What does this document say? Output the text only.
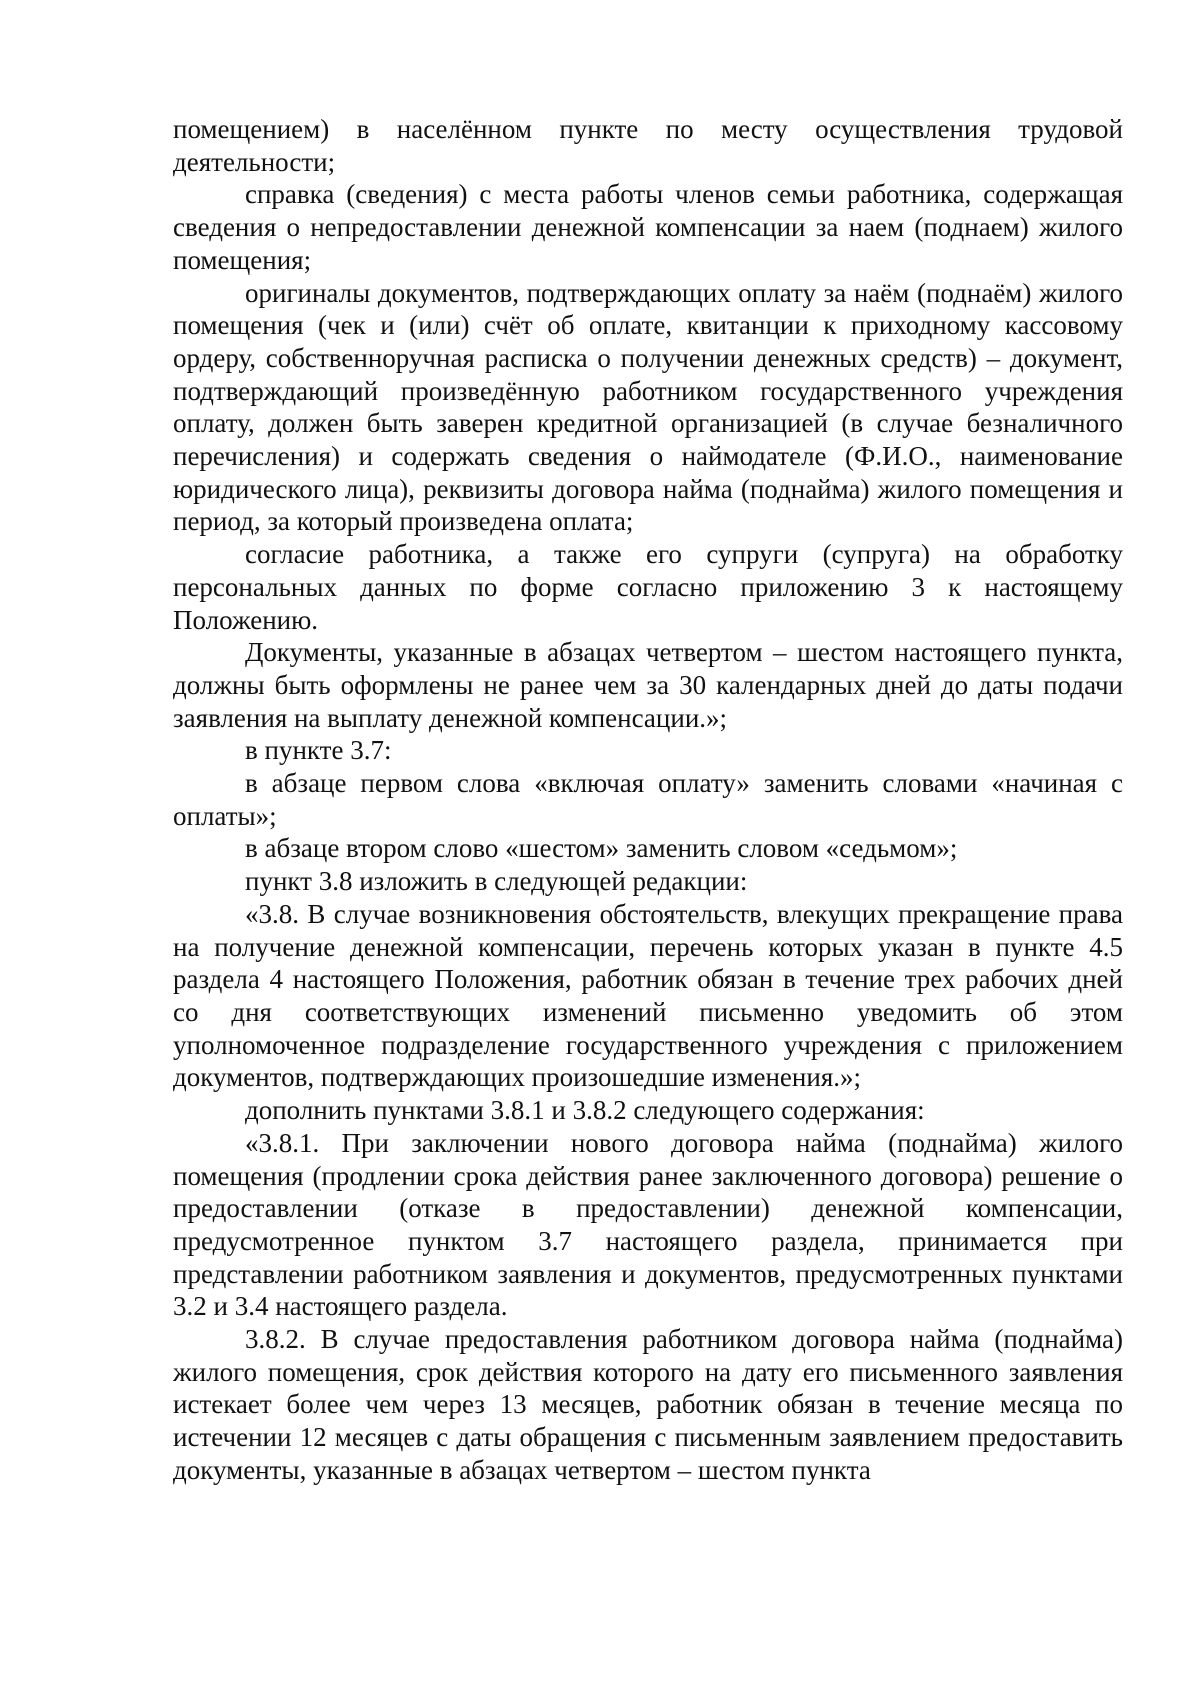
помещением) в населённом пункте по месту осуществления трудовой деятельности;

справка (сведения) с места работы членов семьи работника, содержащая сведения о непредоставлении денежной компенсации за наем (поднаем) жилого помещения;

оригиналы документов, подтверждающих оплату за наём (поднаём) жилого помещения (чек и (или) счёт об оплате, квитанции к приходному кассовому ордеру, собственноручная расписка о получении денежных средств) – документ, подтверждающий произведённую работником государственного учреждения оплату, должен быть заверен кредитной организацией (в случае безналичного перечисления) и содержать сведения о наймодателе (Ф.И.О., наименование юридического лица), реквизиты договора найма (поднайма) жилого помещения и период, за который произведена оплата;

согласие работника, а также его супруги (супруга) на обработку персональных данных по форме согласно приложению 3 к настоящему Положению.

Документы, указанные в абзацах четвертом – шестом настоящего пункта, должны быть оформлены не ранее чем за 30 календарных дней до даты подачи заявления на выплату денежной компенсации.»;

в пункте 3.7:

в абзаце первом слова «включая оплату» заменить словами «начиная с оплаты»;

в абзаце втором слово «шестом» заменить словом «седьмом»;

пункт 3.8 изложить в следующей редакции:

«3.8. В случае возникновения обстоятельств, влекущих прекращение права на получение денежной компенсации, перечень которых указан в пункте 4.5 раздела 4 настоящего Положения, работник обязан в течение трех рабочих дней со дня соответствующих изменений письменно уведомить об этом уполномоченное подразделение государственного учреждения с приложением документов, подтверждающих произошедшие изменения.»;

дополнить пунктами 3.8.1 и 3.8.2 следующего содержания:

«3.8.1. При заключении нового договора найма (поднайма) жилого помещения (продлении срока действия ранее заключенного договора) решение о предоставлении (отказе в предоставлении) денежной компенсации, предусмотренное пунктом 3.7 настоящего раздела, принимается при представлении работником заявления и документов, предусмотренных пунктами 3.2 и 3.4 настоящего раздела.

3.8.2. В случае предоставления работником договора найма (поднайма) жилого помещения, срок действия которого на дату его письменного заявления истекает более чем через 13 месяцев, работник обязан в течение месяца по истечении 12 месяцев с даты обращения с письменным заявлением предоставить документы, указанные в абзацах четвертом – шестом пункта
